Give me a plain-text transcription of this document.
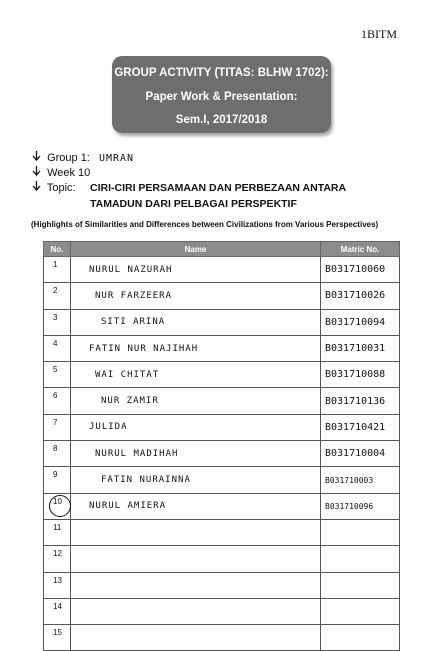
1BITM
GROUP ACTIVITY (TITAS: BLHW 1702):
Paper Work & Presentation:
Sem.I, 2017/2018
Group 1: UMRAN
Week 10
Topic: CIRI-CIRI PERSAMAAN DAN PERBEZAAN ANTARA
TAMADUN DARI PELBAGAI PERSPEKTIF
(Highlights of Similarities and Differences between Civilizations from Various Perspectives)
No.	Name	Matric No.
1	NURUL NAZURAH	B031710060
2	NUR FARZEERA	B031710026
3	SITI ARINA	B031710094
4	FATIN NUR NAJIHAH	B031710031
5	WAI CHITAT	B031710088
6	NUR ZAMIR	B031710136
7	JULIDA	B031710421
8	NURUL MADIHAH	B031710004
9	FATIN NURAINNA	B031710003

10	NURUL AMIERA	B031710096
11		
12		
13		
14		
15		
